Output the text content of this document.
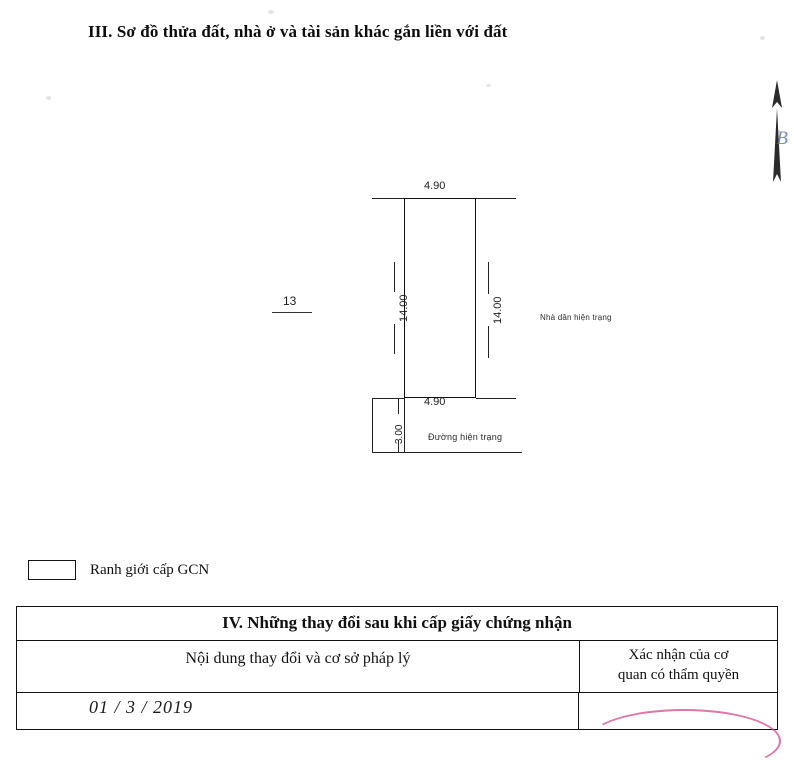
III. Sơ đồ thửa đất, nhà ở và tài sản khác gắn liền với đất
B
4.90
4.90
14.00	14.00
3.00
Nhà dân hiện trạng
Đường hiện trạng
13
Ranh giới cấp GCN
IV. Những thay đổi sau khi cấp giấy chứng nhận
Nội dung thay đổi và cơ sở pháp lý	Xác nhận của cơ
quan có thẩm quyền
01 / 3 / 2019
